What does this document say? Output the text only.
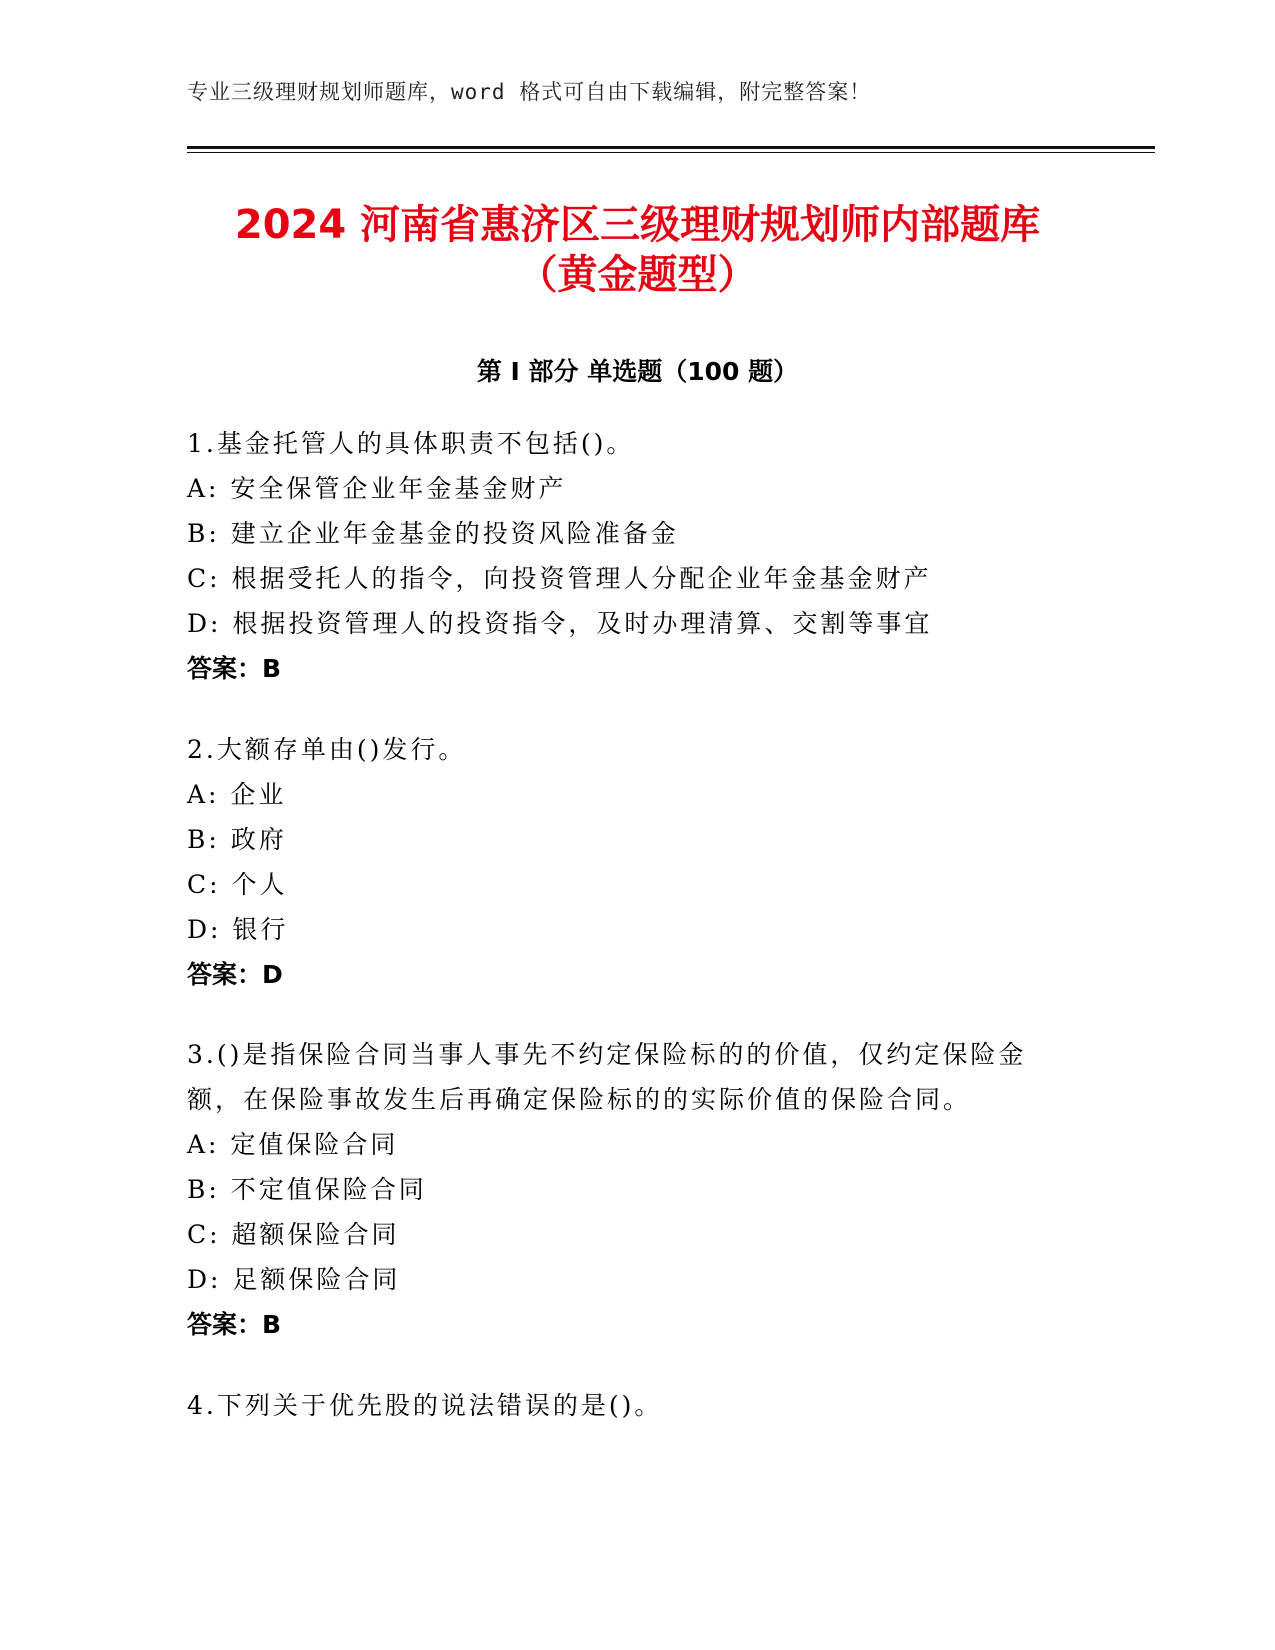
专业三级理财规划师题库，word 格式可自由下载编辑，附完整答案！
2024 河南省惠济区三级理财规划师内部题库
（黄金题型）
第 I 部分 单选题（100 题）
1.基金托管人的具体职责不包括()。
A: 安全保管企业年金基金财产
B: 建立企业年金基金的投资风险准备金
C: 根据受托人的指令，向投资管理人分配企业年金基金财产
D: 根据投资管理人的投资指令，及时办理清算、交割等事宜
答案：B
2.大额存单由()发行。
A: 企业
B: 政府
C: 个人
D: 银行
答案：D
3.()是指保险合同当事人事先不约定保险标的的价值，仅约定保险金
额，在保险事故发生后再确定保险标的的实际价值的保险合同。
A: 定值保险合同
B: 不定值保险合同
C: 超额保险合同
D: 足额保险合同
答案：B
4.下列关于优先股的说法错误的是()。
